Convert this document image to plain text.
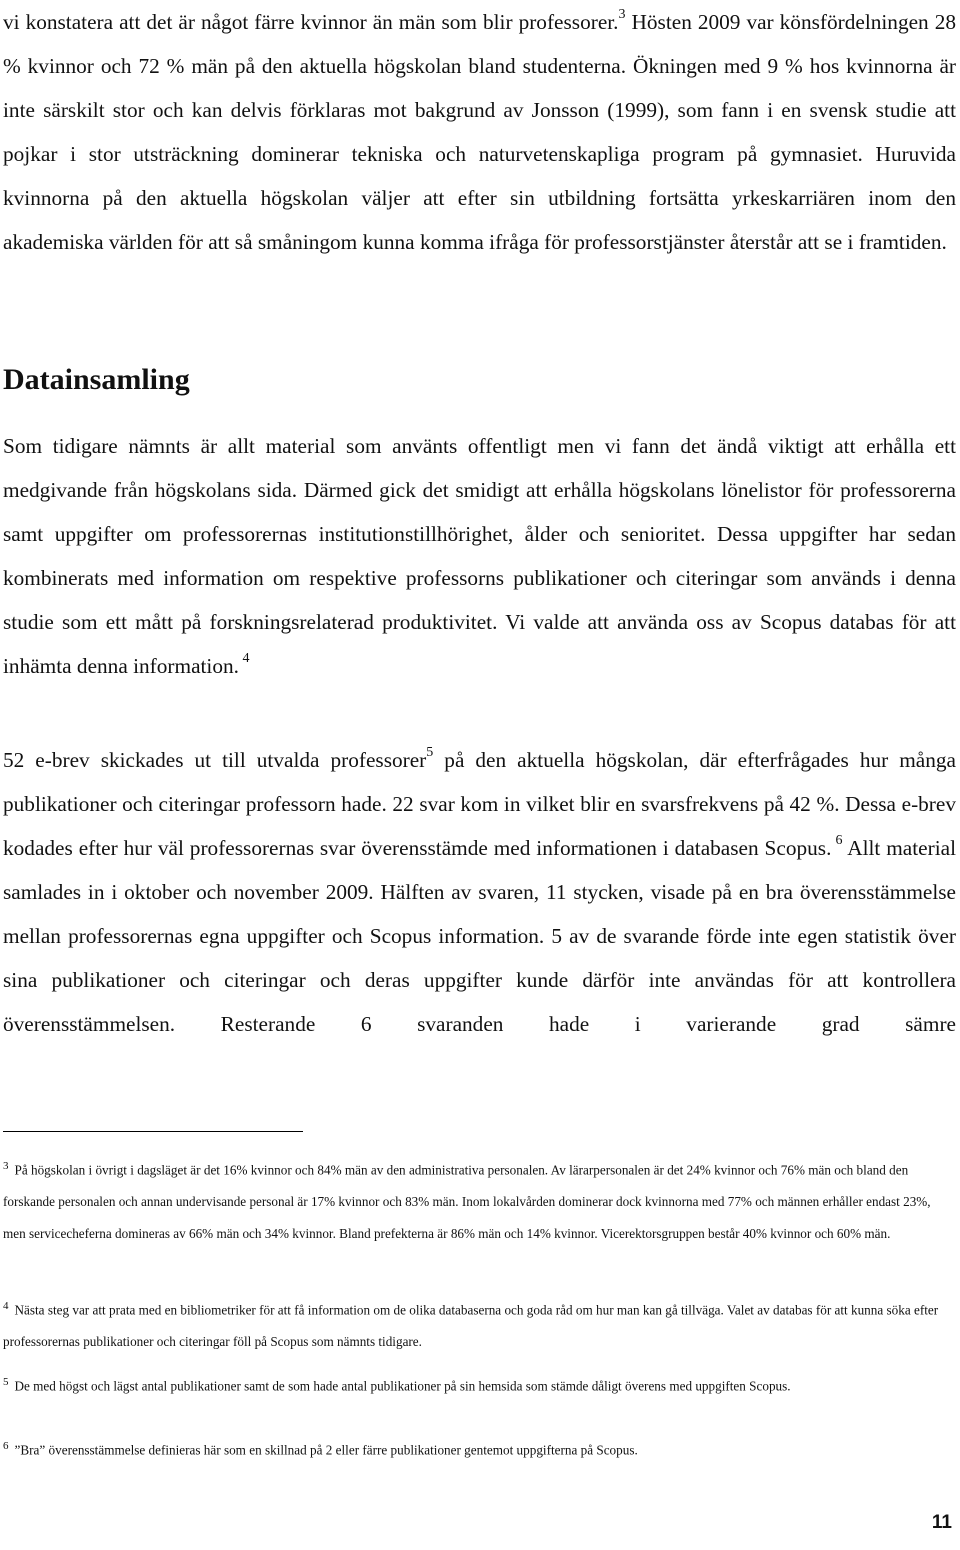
vi konstatera att det är något färre kvinnor än män som blir professorer.$^3$ Hösten 2009 var könsfördelningen 28 % kvinnor och 72 % män på den aktuella högskolan bland studenterna. Ökningen med 9 % hos kvinnorna är inte särskilt stor och kan delvis förklaras mot bakgrund av Jonsson (1999), som fann i en svensk studie att pojkar i stor utsträckning dominerar tekniska och naturvetenskapliga program på gymnasiet. Huruvida kvinnorna på den aktuella högskolan väljer att efter sin utbildning fortsätta yrkeskarriären inom den akademiska världen för att så småningom kunna komma ifråga för professorstjänster återstår att se i framtiden.

Datainsamling

Som tidigare nämnts är allt material som använts offentligt men vi fann det ändå viktigt att erhålla ett medgivande från högskolans sida. Därmed gick det smidigt att erhålla högskolans lönelistor för professorerna samt uppgifter om professorernas institutionstillhörighet, ålder och senioritet. Dessa uppgifter har sedan kombinerats med information om respektive professorns publikationer och citeringar som används i denna studie som ett mått på forskningsrelaterad produktivitet. Vi valde att använda oss av Scopus databas för att inhämta denna information. $^4$

52 e-brev skickades ut till utvalda professorer$^5$ på den aktuella högskolan, där efterfrågades hur många publikationer och citeringar professorn hade. 22 svar kom in vilket blir en svarsfrekvens på 42 %. Dessa e-brev kodades efter hur väl professorernas svar överensstämde med informationen i databasen Scopus. $^6$ Allt material samlades in i oktober och november 2009. Hälften av svaren, 11 stycken, visade på en bra överensstämmelse mellan professorernas egna uppgifter och Scopus information. 5 av de svarande förde inte egen statistik över sina publikationer och citeringar och deras uppgifter kunde därför inte användas för att kontrollera överensstämmelsen. Resterande 6 svaranden hade i varierande grad sämre

$^3$ På högskolan i övrigt i dagsläget är det 16% kvinnor och 84% män av den administrativa personalen. Av lärarpersonalen är det 24% kvinnor och 76% män och bland den forskande personalen och annan undervisande personal är 17% kvinnor och 83% män. Inom lokalvården dominerar dock kvinnorna med 77% och männen erhåller endast 23%, men servicecheferna domineras av 66% män och 34% kvinnor. Bland prefekterna är 86% män och 14% kvinnor. Vicerektorsgruppen består 40% kvinnor och 60% män.

$^4$ Nästa steg var att prata med en bibliometriker för att få information om de olika databaserna och goda råd om hur man kan gå tillväga. Valet av databas för att kunna söka efter professorernas publikationer och citeringar föll på Scopus som nämnts tidigare.

$^5$ De med högst och lägst antal publikationer samt de som hade antal publikationer på sin hemsida som stämde dåligt överens med uppgiften Scopus.

$^6$ ”Bra” överensstämmelse definieras här som en skillnad på 2 eller färre publikationer gentemot uppgifterna på Scopus.

11
